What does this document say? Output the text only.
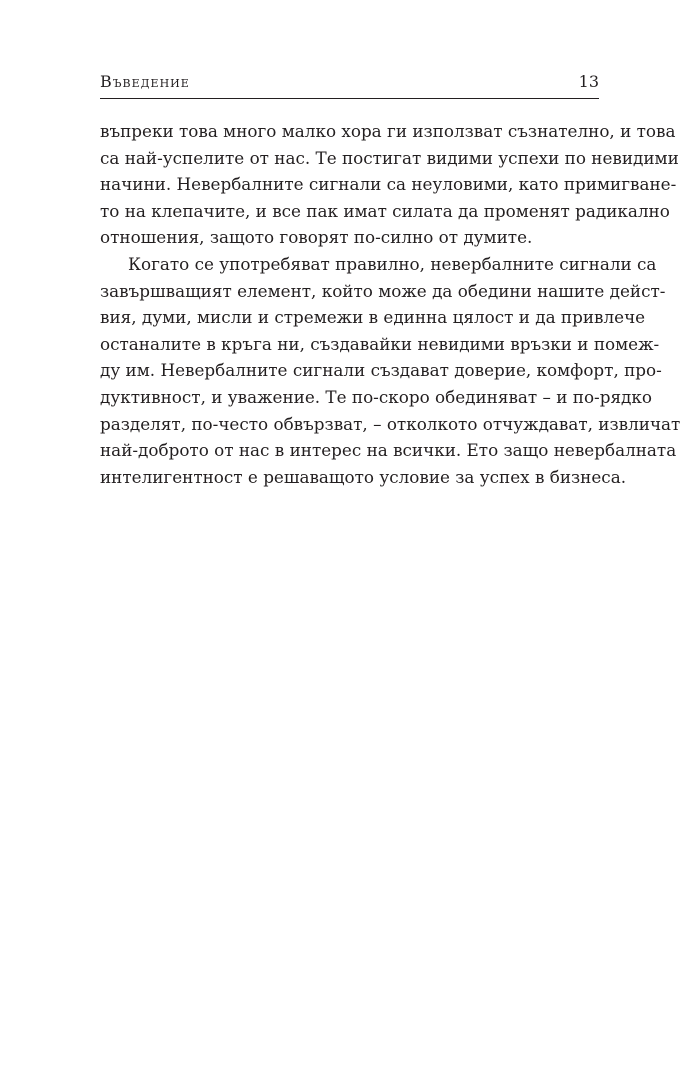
Въведение	13
въпреки това много малко хора ги използват съзнателно, и това
са най-успелите от нас. Те постигат видими успехи по невидими
начини. Невербалните сигнали са неуловими, като примигване-
то на клепачите, и все пак имат силата да променят радикално
отношения, защото говорят по-силно от думите.
Когато се употребяват правилно, невербалните сигнали са
завършващият елемент, който може да обедини нашите дейст-
вия, думи, мисли и стремежи в единна цялост и да привлече
останалите в кръга ни, създавайки невидими връзки и помеж-
ду им. Невербалните сигнали създават доверие, комфорт, про-
дуктивност, и уважение. Те по-скоро обединяват – и по-рядко
разделят, по-често обвързват, – отколкото отчуждават, извличат
най-доброто от нас в интерес на всички. Ето защо невербалната
интелигентност е решаващото условие за успех в бизнеса.
